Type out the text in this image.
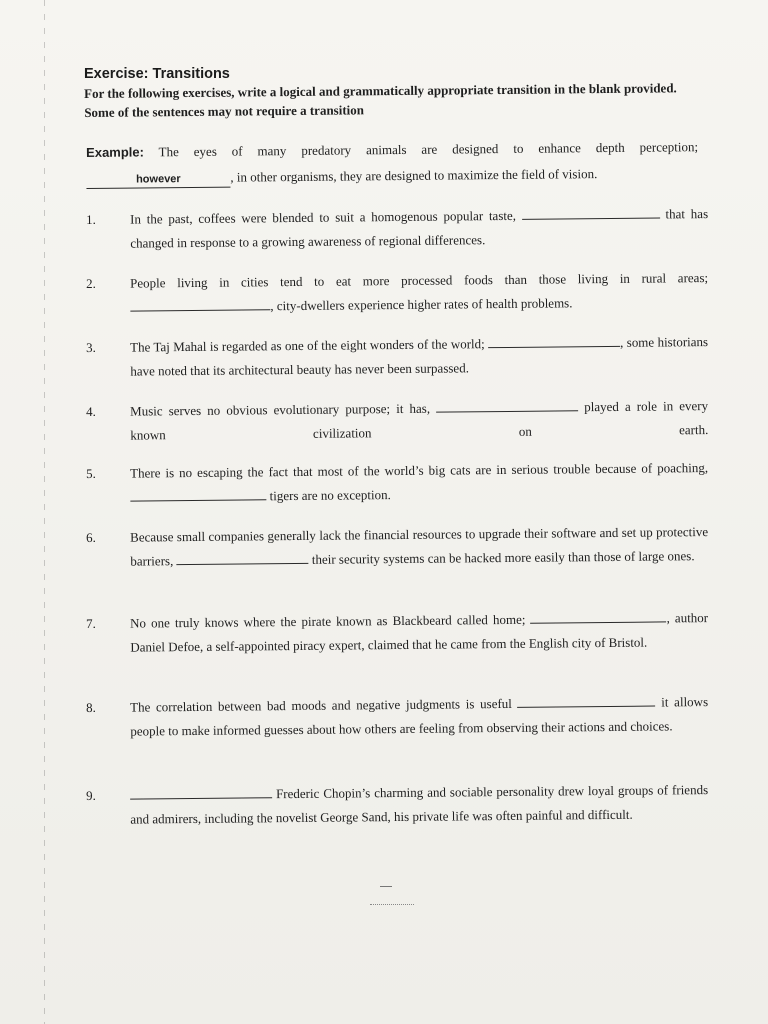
Exercise: Transitions
For the following exercises, write a logical and grammatically appropriate transition in the blank provided. Some of the sentences may not require a transition
Example: The eyes of many predatory animals are designed to enhance depth perception;
however	, in other organisms, they are designed to maximize the field of vision.
1.	In the past, coffees were blended to suit a homogenous popular taste,	that has changed in response to a growing awareness of regional differences.
2.	People living in cities tend to eat more processed foods than those living in rural areas; , city-dwellers experience higher rates of health problems.
3.	The Taj Mahal is regarded as one of the eight wonders of the world;	, some historians have noted that its architectural beauty has never been surpassed.
4.	Music serves no obvious evolutionary purpose; it has,	played a role in every known civilization on earth.
5.	There is no escaping the fact that most of the world’s big cats are in serious trouble because of poaching,  tigers are no exception.
6.	Because small companies generally lack the financial resources to upgrade their software and set up protective barriers,	their security systems can be hacked more easily than those of large ones.
7.	No one truly knows where the pirate known as Blackbeard called home;	, author Daniel Defoe, a self-appointed piracy expert, claimed that he came from the English city of Bristol.
8.	The correlation between bad moods and negative judgments is useful	it allows people to make informed guesses about how others are feeling from observing their actions and choices.
9.	Frederic Chopin’s charming and sociable personality drew loyal groups of friends and admirers, including the novelist George Sand, his private life was often painful and difficult.
